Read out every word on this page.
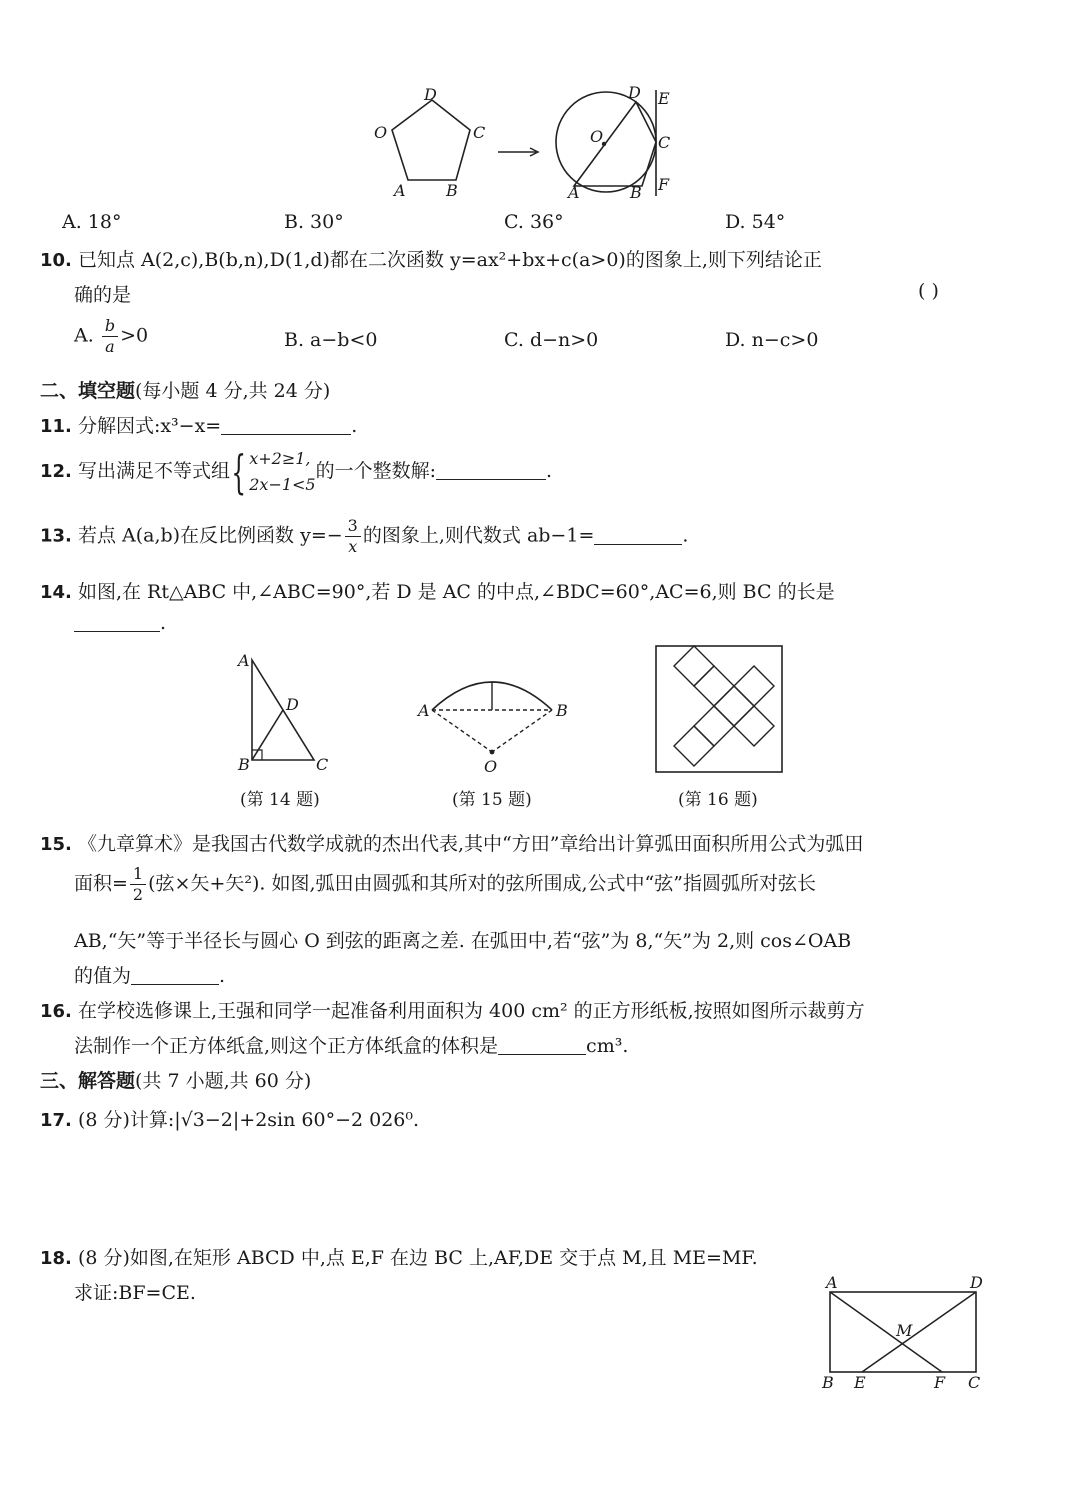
D
O	C
A	B
O
D E
C
F
A	B
A. 18°	B. 30°	C. 36°	D. 54°
10. 已知点 A(2,c),B(b,n),D(1,d)都在二次函数 y=ax²+bx+c(a>0)的图象上,则下列结论正
确的是	( )
A. $\frac{b}{a} >0$	B. a−b<0	C. d−n>0	D. n−c>0
二、填空题(每小题 4 分,共 24 分)
11. 分解因式:x³−x=	.
12. 写出满足不等式组{ x+2≥1,
2x−1<5
的一个整数解:	.
13. 若点 A(a,b)在反比例函数 $y=- \frac{3}{x}$ 的图象上,则代数式 ab−1=	.
14. 如图,在 Rt△ABC 中,∠ABC=90°,若 D 是 AC 的中点,∠BDC=60°,AC=6,则 BC 的长是
.
A
D
B	C
(第 14 题)
A	B
O
(第 15 题)	(第 16 题)
15. 《九章算术》是我国古代数学成就的杰出代表,其中“方田”章给出计算弧田面积所用公式为弧田
面积= $\frac{1}{2}$ (弦×矢+矢²). 如图,弧田由圆弧和其所对的弦所围成,公式中“弦”指圆弧所对弦长
AB,“矢”等于半径长与圆心 O 到弦的距离之差. 在弧田中,若“弦”为 8,“矢”为 2,则 cos∠OAB
的值为	.
16. 在学校选修课上,王强和同学一起准备利用面积为 400 cm² 的正方形纸板,按照如图所示裁剪方
法制作一个正方体纸盒,则这个正方体纸盒的体积是	cm³.
三、解答题(共 7 小题,共 60 分)
17. (8 分)计算:|√3−2|+2sin 60°−2 026⁰.
18. (8 分)如图,在矩形 ABCD 中,点 E,F 在边 BC 上,AF,DE 交于点 M,且 ME=MF.
求证:BF=CE.	A	D
M
B E	F C
